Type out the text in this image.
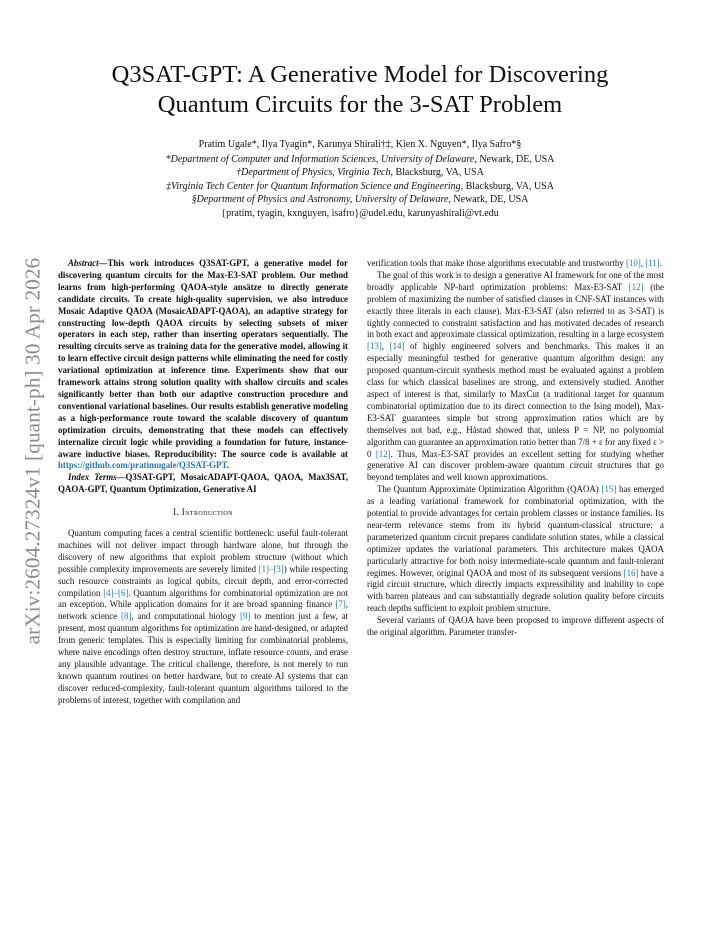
arXiv:2604.27324v1 [quant-ph] 30 Apr 2026
Q3SAT-GPT: A Generative Model for Discovering
Quantum Circuits for the 3-SAT Problem
Pratim Ugale*, Ilya Tyagin*, Karunya Shirali†‡, Kien X. Nguyen*, Ilya Safro*§
*Department of Computer and Information Sciences, University of Delaware, Newark, DE, USA
†Department of Physics, Virginia Tech, Blacksburg, VA, USA
‡Virginia Tech Center for Quantum Information Science and Engineering, Blacksburg, VA, USA
§Department of Physics and Astronomy, University of Delaware, Newark, DE, USA
{pratim, tyagin, kxnguyen, isafro}@udel.edu, karunyashirali@vt.edu

Abstract—This work introduces Q3SAT-GPT, a generative model for discovering quantum circuits for the Max-E3-SAT problem. Our method learns from high-performing QAOA-style ansätze to directly generate candidate circuits. To create high-quality supervision, we also introduce Mosaic Adaptive QAOA (MosaicADAPT-QAOA), an adaptive strategy for constructing low-depth QAOA circuits by selecting subsets of mixer operators in each step, rather than inserting operators sequentially. The resulting circuits serve as training data for the generative model, allowing it to learn effective circuit design patterns while eliminating the need for costly variational optimization at inference time. Experiments show that our framework attains strong solution quality with shallow circuits and scales significantly better than both our adaptive construction procedure and conventional variational baselines. Our results establish generative modeling as a high-performance route toward the scalable discovery of quantum optimization circuits, demonstrating that these models can effectively internalize circuit logic while providing a foundation for future, instance-aware inductive biases. Reproducibility: The source code is available at https://github.com/pratimugale/Q3SAT-GPT.

Index Terms—Q3SAT-GPT, MosaicADAPT-QAOA, QAOA, Max3SAT, QAOA-GPT, Quantum Optimization, Generative AI

I. Introduction

Quantum computing faces a central scientific bottleneck: useful fault-tolerant machines will not deliver impact through hardware alone, but through the discovery of new algorithms that exploit problem structure (without which possible complexity improvements are severely limited [1]–[3]) while respecting such resource constraints as logical qubits, circuit depth, and error-corrected compilation [4]–[6]. Quantum algorithms for combinatorial optimization are not an exception. While application domains for it are broad spanning finance [7], network science [8], and computational biology [9] to mention just a few, at present, most quantum algorithms for optimization are hand-designed, or adapted from generic templates. This is especially limiting for combinatorial problems, where naive encodings often destroy structure, inflate resource counts, and erase any plausible advantage. The critical challenge, therefore, is not merely to run known quantum routines on better hardware, but to create AI systems that can discover reduced-complexity, fault-tolerant quantum algorithms tailored to the problems of interest, together with compilation and

verification tools that make those algorithms executable and trustworthy [10], [11].

The goal of this work is to design a generative AI framework for one of the most broadly applicable NP-hard optimization problems: Max-E3-SAT [12] (the problem of maximizing the number of satisfied clauses in CNF-SAT instances with exactly three literals in each clause). Max-E3-SAT (also referred to as 3-SAT) is tightly connected to constraint satisfaction and has motivated decades of research in both exact and approximate classical optimization, resulting in a large ecosystem [13], [14] of highly engineered solvers and benchmarks. This makes it an especially meaningful testbed for generative quantum algorithm design: any proposed quantum-circuit synthesis method must be evaluated against a problem class for which classical baselines are strong, and extensively studied. Another aspect of interest is that, similarly to MaxCut (a traditional target for quantum combinatorial optimization due to its direct connection to the Ising model), Max-E3-SAT guarantees simple but strong approximation ratios which are by themselves not bad, e.g., Håstad showed that, unless P = NP, no polynomial algorithm can guarantee an approximation ratio better than 7/8 + ε for any fixed ε > 0 [12]. Thus, Max-E3-SAT provides an excellent setting for studying whether generative AI can discover problem-aware quantum circuit structures that go beyond templates and well known approximations.

The Quantum Approximate Optimization Algorithm (QAOA) [15] has emerged as a leading variational framework for combinatorial optimization, with the potential to provide advantages for certain problem classes or instance families. Its near-term relevance stems from its hybrid quantum-classical structure: a parameterized quantum circuit prepares candidate solution states, while a classical optimizer updates the variational parameters. This architecture makes QAOA particularly attractive for both noisy intermediate-scale quantum and fault-tolerant regimes. However, original QAOA and most of its subsequent versions [16] have a rigid circuit structure, which directly impacts expressibility and inability to cope with barren plateaus and can substantially degrade solution quality before circuits reach depths sufficient to exploit problem structure.

Several variants of QAOA have been proposed to improve different aspects of the original algorithm. Parameter transfer-
